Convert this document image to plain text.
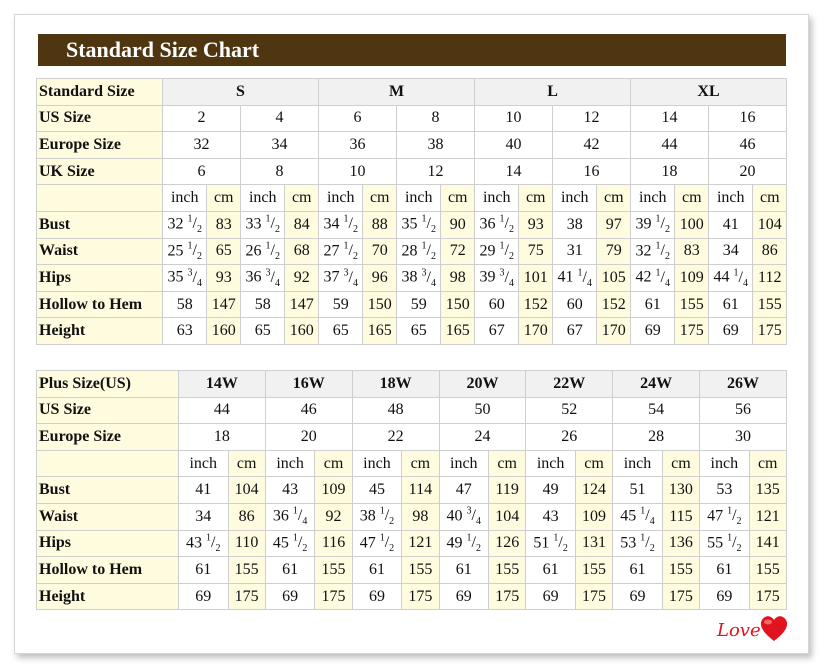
Standard Size Chart
Standard Size	S				M				L				XL			
US Size	2		4		6		8		10		12		14		16	
Europe Size	32		34		36		38		40		42		44		46	
UK Size	6		8		10		12		14		16		18		20	
	inch	cm	inch	cm	inch	cm	inch	cm	inch	cm	inch	cm	inch	cm	inch	cm
Bust	32 $^1/_2$	83	33 $^1/_2$	84	34 $^1/_2$	88	35 $^1/_2$	90	36 $^1/_2$	93	38	97	39 $^1/_2$	100	41	104
Waist	25 $^1/_2$	65	26 $^1/_2$	68	27 $^1/_2$	70	28 $^1/_2$	72	29 $^1/_2$	75	31	79	32 $^1/_2$	83	34	86
Hips	35 $^3/_4$	93	36 $^3/_4$	92	37 $^3/_4$	96	38 $^3/_4$	98	39 $^3/_4$	101	41 $^1/_4$	105	42 $^1/_4$	109	44 $^1/_4$	112
Hollow to Hem	58	147	58	147	59	150	59	150	60	152	60	152	61	155	61	155
Height	63	160	65	160	65	165	65	165	67	170	67	170	69	175	69	175
Plus Size(US)	14W		16W		18W		20W		22W		24W		26W	
US Size	44		46		48		50		52		54		56	
Europe Size	18		20		22		24		26		28		30	
	inch	cm	inch	cm	inch	cm	inch	cm	inch	cm	inch	cm	inch	cm
Bust	41	104	43	109	45	114	47	119	49	124	51	130	53	135
Waist	34	86	36 $^1/_4$	92	38 $^1/_2$	98	40 $^3/_4$	104	43	109	45 $^1/_4$	115	47 $^1/_2$	121
Hips	43 $^1/_2$	110	45 $^1/_2$	116	47 $^1/_2$	121	49 $^1/_2$	126	51 $^1/_2$	131	53 $^1/_2$	136	55 $^1/_2$	141
Hollow to Hem	61	155	61	155	61	155	61	155	61	155	61	155	61	155
Height	69	175	69	175	69	175	69	175	69	175	69	175	69	175
Love
